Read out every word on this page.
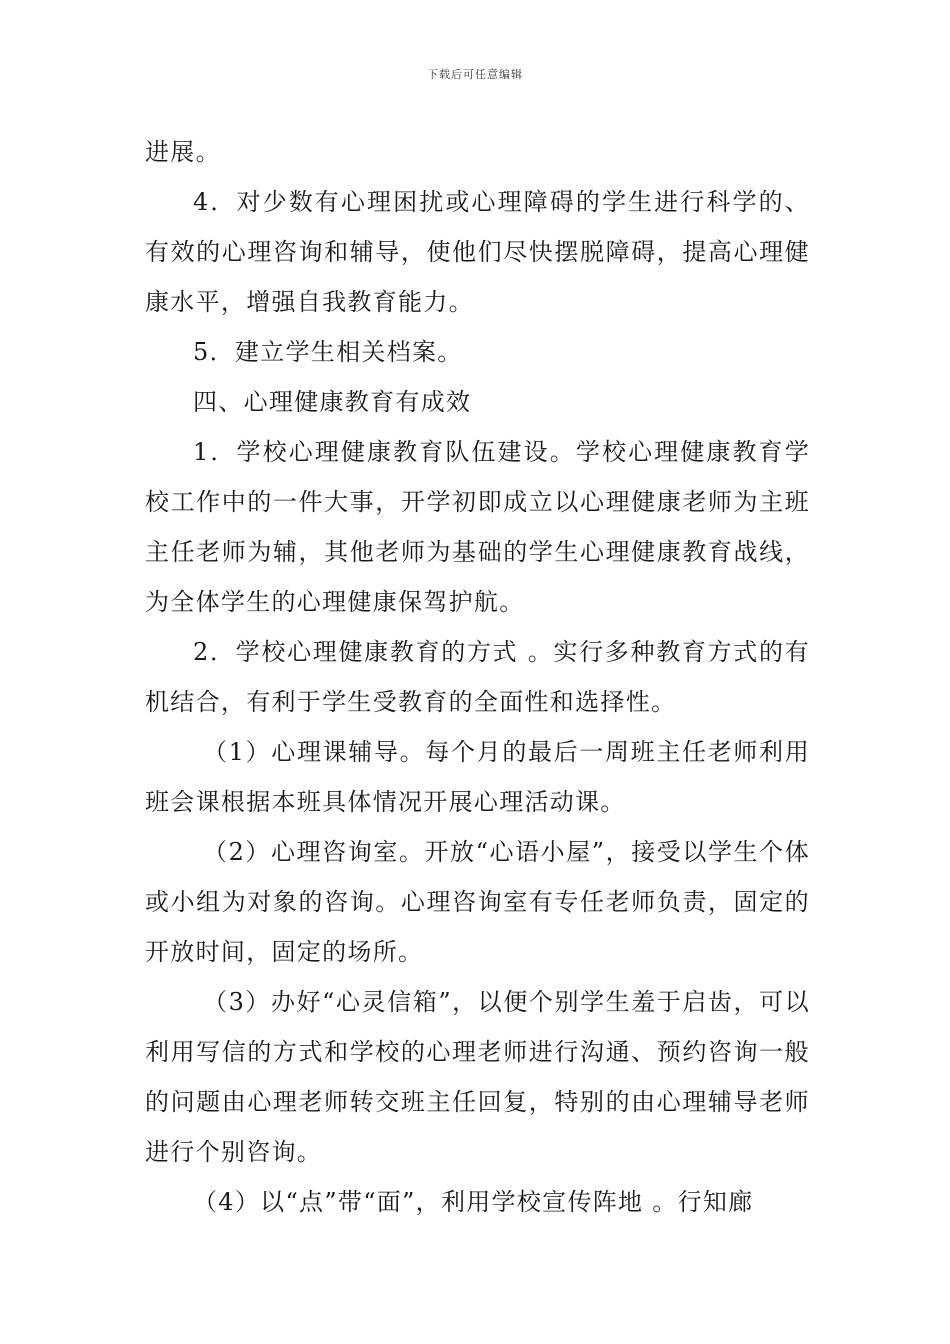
下载后可任意编辑

进展。

4．对少数有心理困扰或心理障碍的学生进行科学的、有效的心理咨询和辅导，使他们尽快摆脱障碍，提高心理健康水平，增强自我教育能力。

5．建立学生相关档案。

四、心理健康教育有成效

1．学校心理健康教育队伍建设。学校心理健康教育学校工作中的一件大事，开学初即成立以心理健康老师为主班主任老师为辅，其他老师为基础的学生心理健康教育战线，为全体学生的心理健康保驾护航。

2．学校心理健康教育的方式 。实行多种教育方式的有机结合，有利于学生受教育的全面性和选择性。

（1）心理课辅导。每个月的最后一周班主任老师利用班会课根据本班具体情况开展心理活动课。

（2）心理咨询室。开放“心语小屋”，接受以学生个体或小组为对象的咨询。心理咨询室有专任老师负责，固定的开放时间，固定的场所。

（3）办好“心灵信箱”，以便个别学生羞于启齿，可以利用写信的方式和学校的心理老师进行沟通、预约咨询一般的问题由心理老师转交班主任回复，特别的由心理辅导老师进行个别咨询。

（4）以“点”带“面”，利用学校宣传阵地 。行知廊
